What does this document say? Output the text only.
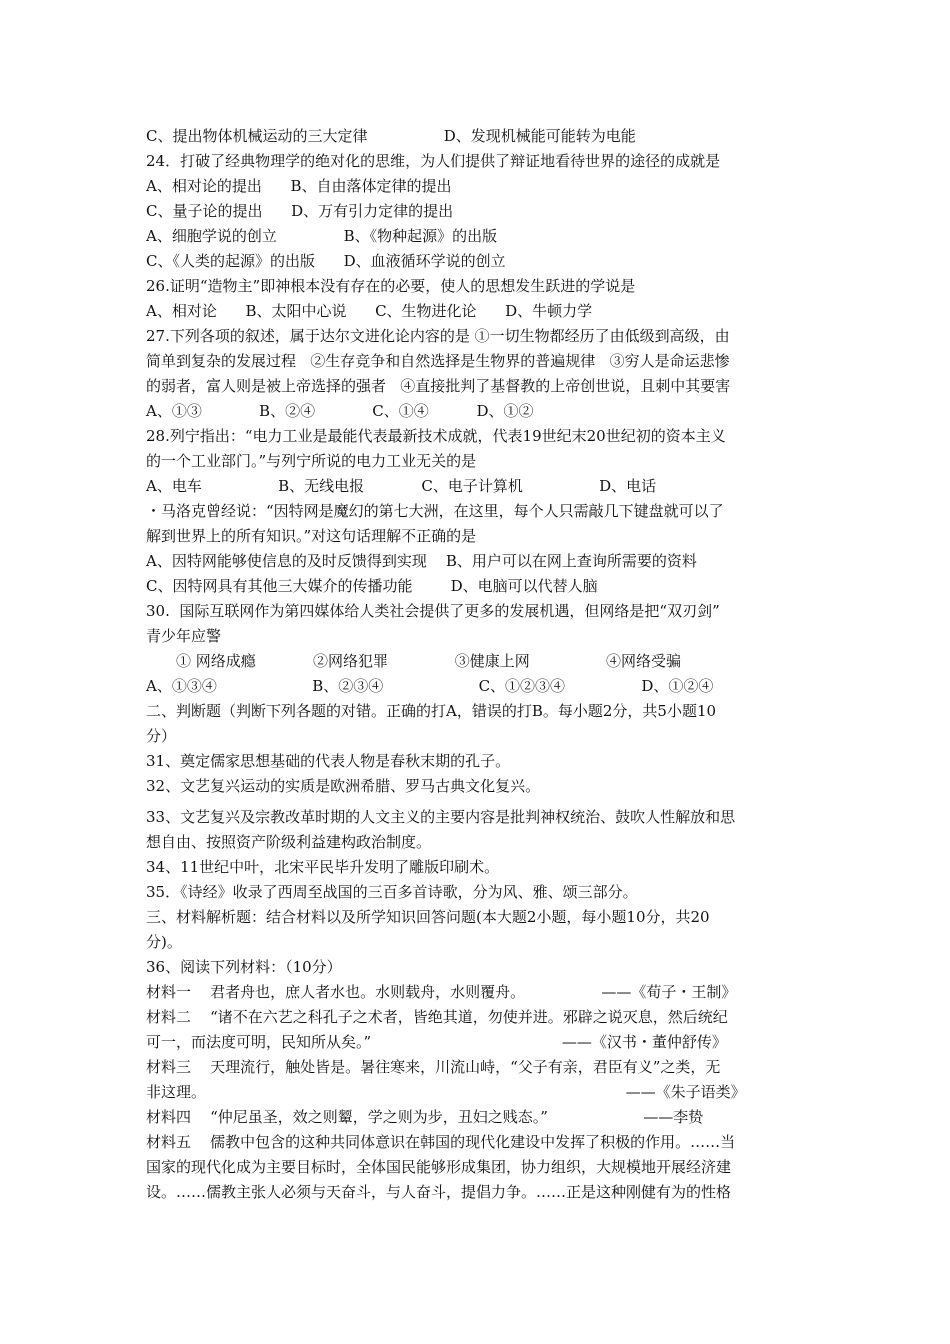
C、提出物体机械运动的三大定律                D、发现机械能可能转为电能
24．打破了经典物理学的绝对化的思维，为人们提供了辩证地看待世界的途径的成就是
A、相对论的提出      B、自由落体定律的提出
C、量子论的提出      D、万有引力定律的提出
A、细胞学说的创立              B、《物种起源》的出版
C、《人类的起源》的出版      D、血液循环学说的创立
26.证明“造物主”即神根本没有存在的必要，使人的思想发生跃进的学说是
A、相对论      B、太阳中心说      C、生物进化论      D、牛顿力学
27.下列各项的叙述，属于达尔文进化论内容的是 ①一切生物都经历了由低级到高级，由
简单到复杂的发展过程   ②生存竞争和自然选择是生物界的普遍规律   ③穷人是命运悲惨
的弱者，富人则是被上帝选择的强者   ④直接批判了基督教的上帝创世说，且刺中其要害
A、①③            B、②④            C、①④          D、①②
28.列宁指出：“电力工业是最能代表最新技术成就，代表19世纪末20世纪初的资本主义
的一个工业部门。”与列宁所说的电力工业无关的是
A、电车                B、无线电报            C、电子计算机                D、电话
・马洛克曾经说：“因特网是魔幻的第七大洲，在这里，每个人只需敲几下键盘就可以了
解到世界上的所有知识。”对这句话理解不正确的是
A、因特网能够使信息的及时反馈得到实现    B、用户可以在网上查询所需要的资料
C、因特网具有其他三大媒介的传播功能        D、电脑可以代替人脑
30.  国际互联网作为第四媒体给人类社会提供了更多的发展机遇，但网络是把“双刃剑”
青少年应警
① 网络成瘾            ②网络犯罪              ③健康上网                ④网络受骗
A、①③④                    B、②③④                    C、①②③④                D、①②④
二、判断题（判断下列各题的对错。正确的打A，错误的打B。每小题2分，共5小题10
分）
31、奠定儒家思想基础的代表人物是春秋末期的孔子。
32、文艺复兴运动的实质是欧洲希腊、罗马古典文化复兴。
33、文艺复兴及宗教改革时期的人文主义的主要内容是批判神权统治、鼓吹人性解放和思
想自由、按照资产阶级利益建构政治制度。
34、11世纪中叶，北宋平民毕升发明了雕版印刷术。
35．《诗经》收录了西周至战国的三百多首诗歌，分为风、雅、颂三部分。
三、材料解析题：结合材料以及所学知识回答问题(本大题2小题，每小题10分，共20
分)。
36、阅读下列材料：（10分）
材料一    君者舟也，庶人者水也。水则载舟，水则覆舟。                ——《荀子・王制》
材料二    “诸不在六艺之科孔子之术者，皆绝其道，勿使并进。邪辟之说灭息，然后统纪
可一，而法度可明，民知所从矣。”                                        ——《汉书・董仲舒传》
材料三    天理流行，触处皆是。暑往寒来，川流山峙，“父子有亲，君臣有义”之类，无
非这理。                                                                                        ——《朱子语类》
材料四    “仲尼虽圣，效之则颦，学之则为步，丑妇之贱态。”                    ——李贽
材料五    儒教中包含的这种共同体意识在韩国的现代化建设中发挥了积极的作用。……当
国家的现代化成为主要目标时，全体国民能够形成集团，协力组织，大规模地开展经济建
设。……儒教主张人必须与天奋斗，与人奋斗，提倡力争。……正是这种刚健有为的性格
